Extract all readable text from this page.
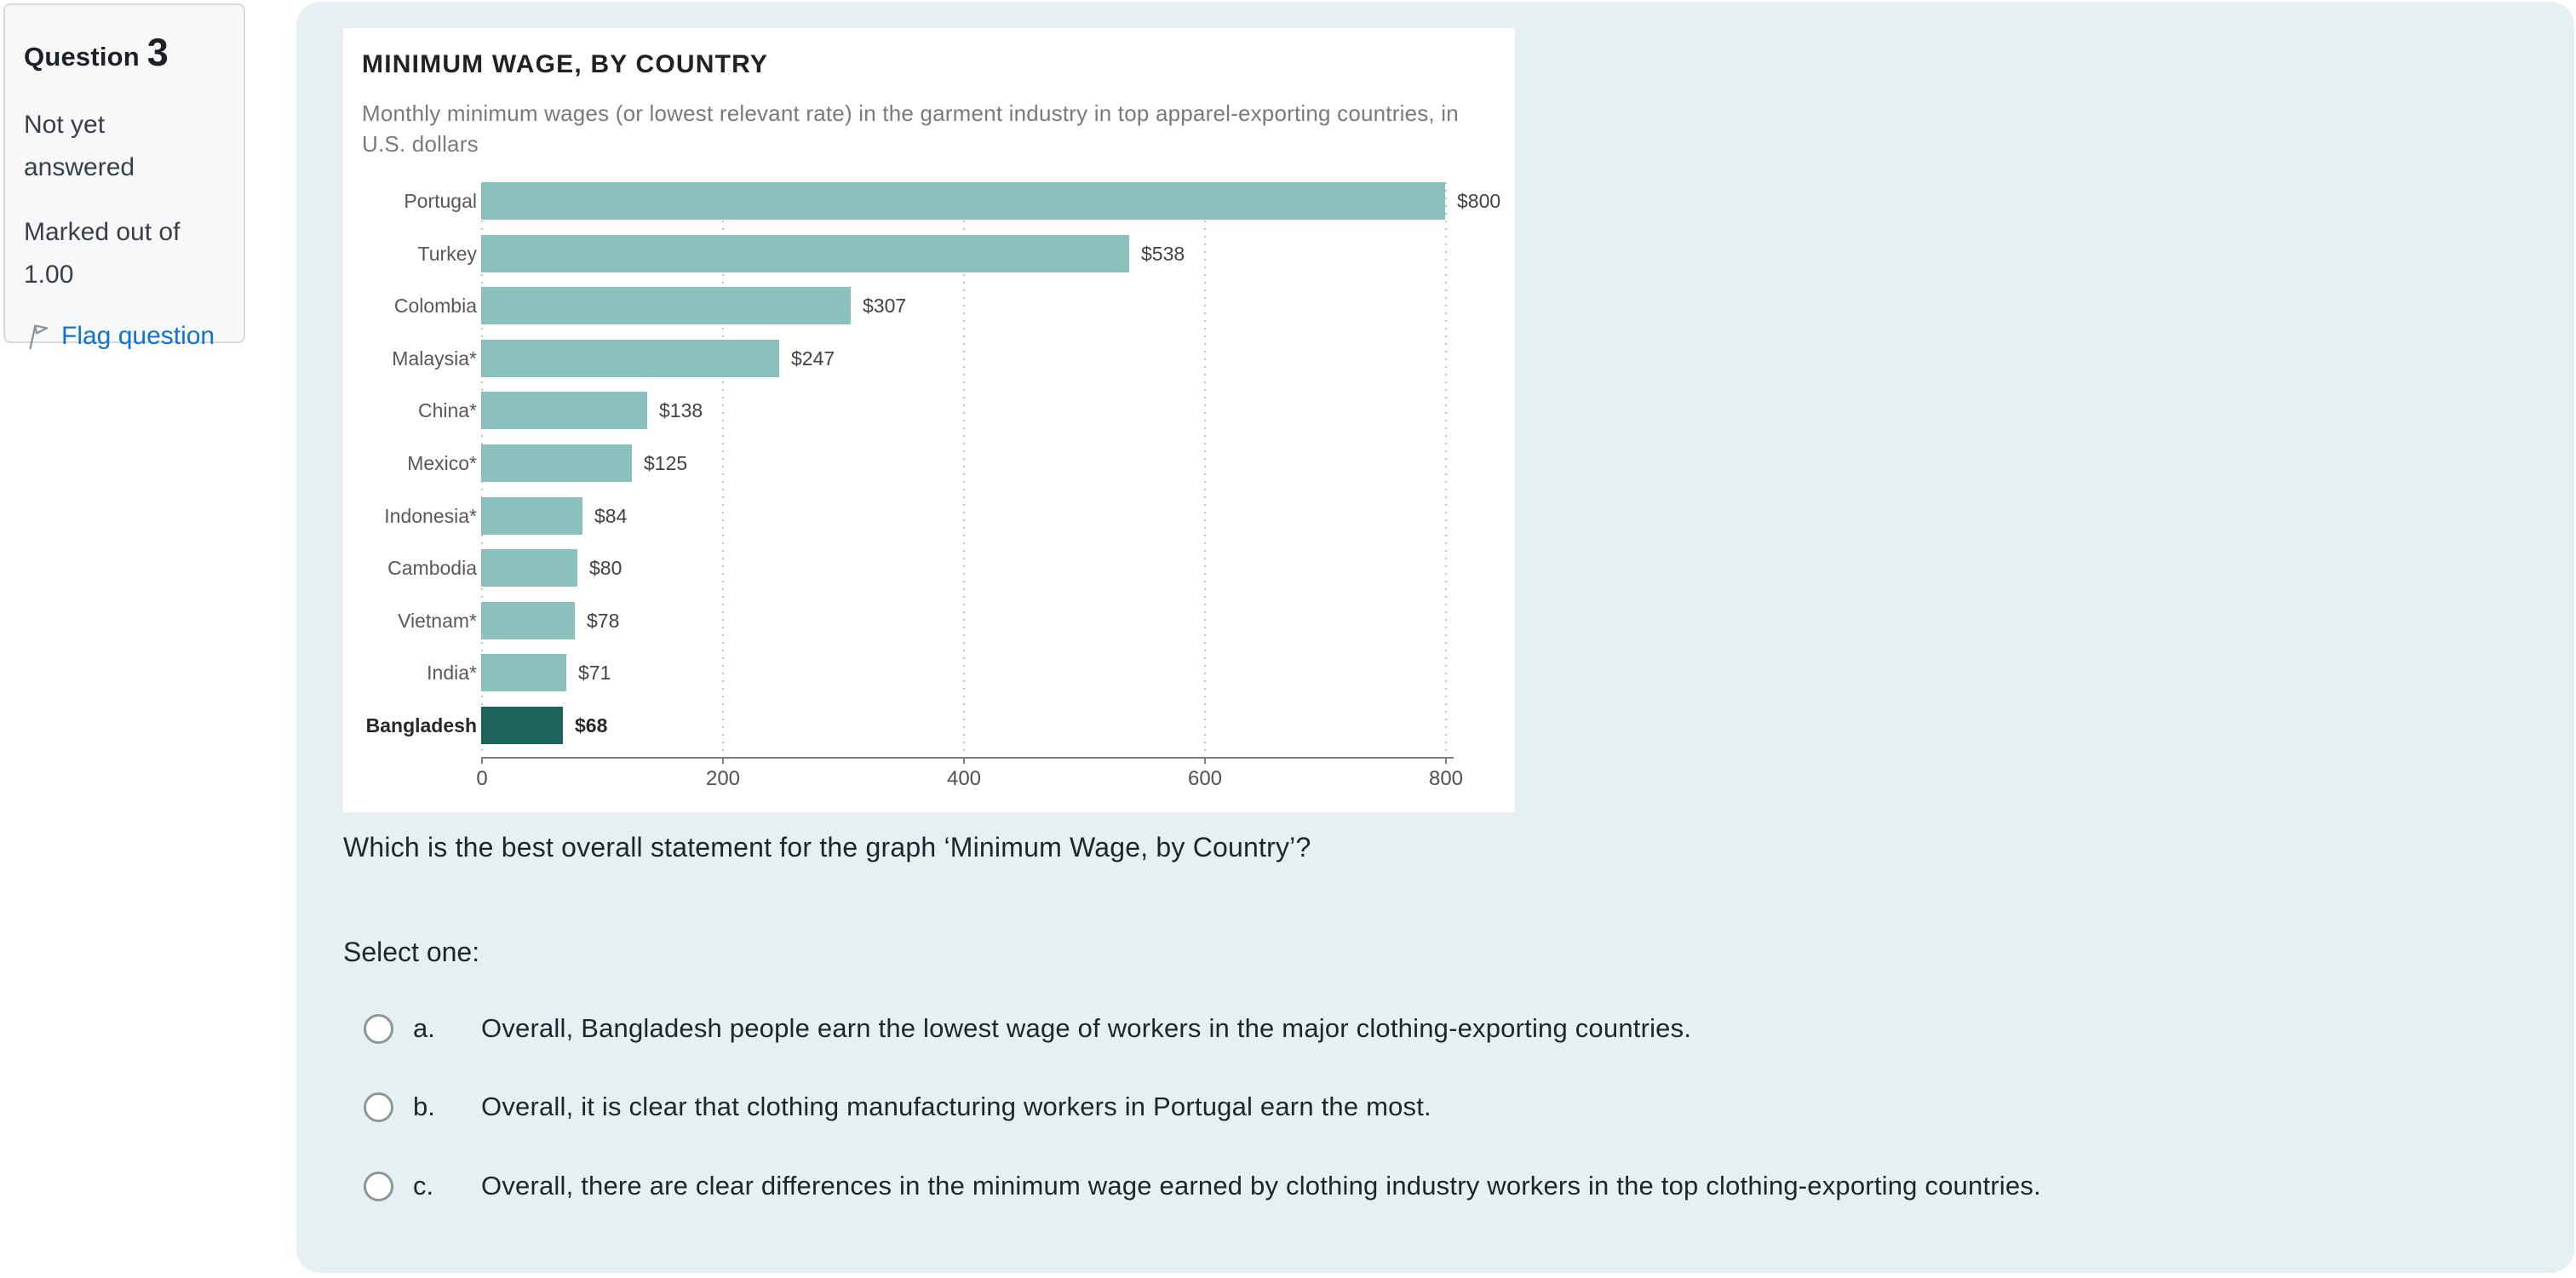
Question 3
Not yet answered
Marked out of 1.00
Flag question
MINIMUM WAGE, BY COUNTRY

Monthly minimum wages (or lowest relevant rate) in the garment industry in top apparel-exporting countries, in U.S. dollars

0	200	400	600	800
Portugal	$800
Turkey	$538
Colombia	$307
Malaysia*	$247
China*	$138
Mexico*	$125
Indonesia*	$84
Cambodia	$80
Vietnam*	$78
India*	$71
Bangladesh	$68

Which is the best overall statement for the graph ‘Minimum Wage, by Country’?

Select one:

a. Overall, Bangladesh people earn the lowest wage of workers in the major clothing-exporting countries.
b. Overall, it is clear that clothing manufacturing workers in Portugal earn the most.
c. Overall, there are clear differences in the minimum wage earned by clothing industry workers in the top clothing-exporting countries.
